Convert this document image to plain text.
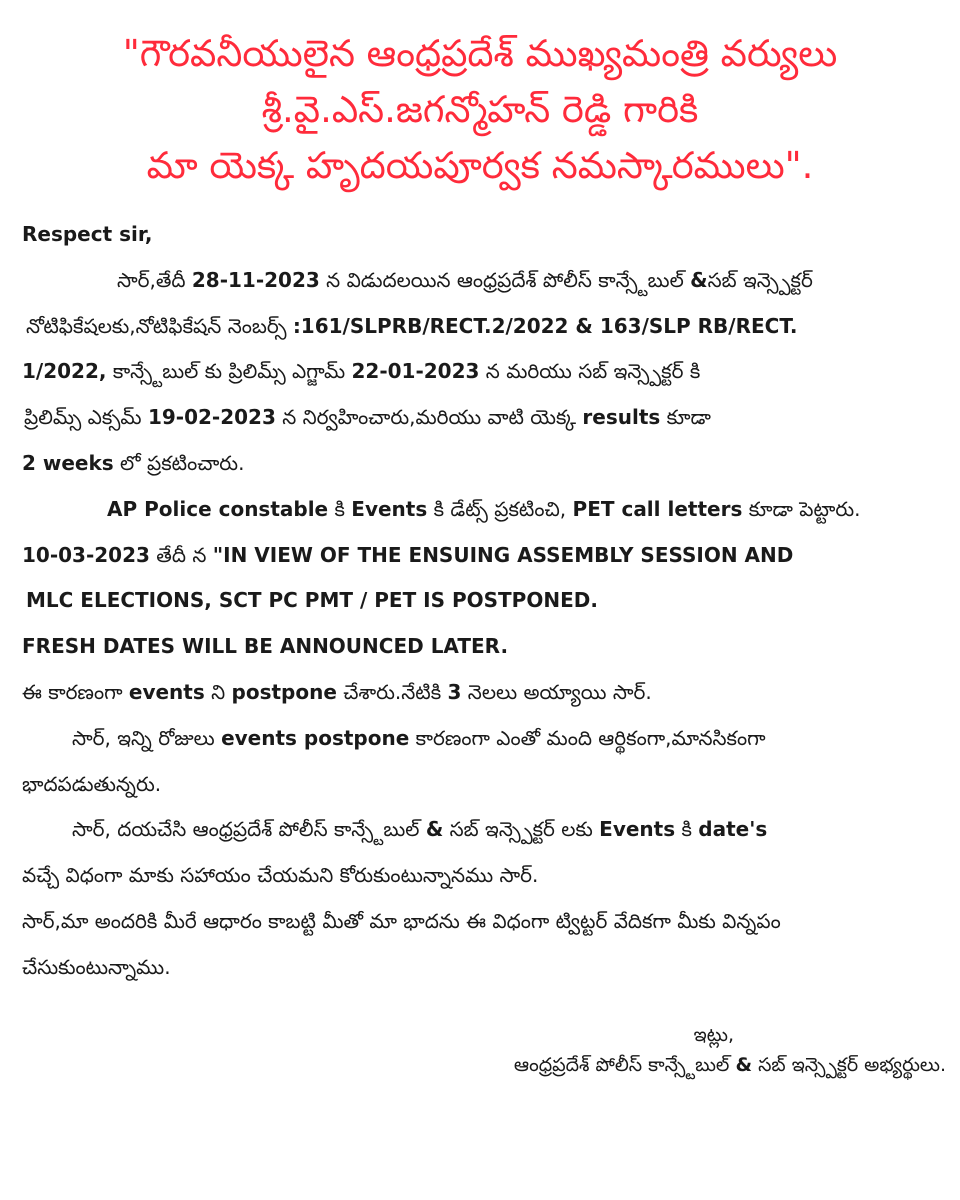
"గౌరవనీయులైన ఆంధ్రప్రదేశ్ ముఖ్యమంత్రి వర్యులు
శ్రీ.వై.ఎస్.జగన్మోహన్ రెడ్డి గారికి
మా యెక్క హృదయపూర్వక నమస్కారములు".
Respect sir,
సార్,తేదీ 28-11-2023 న విడుదలయిన ఆంధ్రప్రదేశ్ పోలీస్ కాన్స్టేబుల్ &సబ్ ఇన్స్పెక్టర్
నోటిఫికేషలకు,నోటిఫికేషన్ నెంబర్స్ :161/SLPRB/RECT.2/2022 & 163/SLP RB/RECT.
1/2022, కాన్స్టేబుల్ కు ప్రిలిమ్స్ ఎగ్జామ్ 22-01-2023 న మరియు సబ్ ఇన్స్పెక్టర్ కి
ప్రిలిమ్స్ ఎక్సమ్ 19-02-2023 న నిర్వహించారు,మరియు వాటి యెక్క results కూడా
2 weeks లో ప్రకటించారు.
AP Police constable కి Events కి డేట్స్ ప్రకటించి, PET call letters కూడా పెట్టారు.
10-03-2023 తేదీ న "IN VIEW OF THE ENSUING ASSEMBLY SESSION AND
MLC ELECTIONS, SCT PC PMT / PET IS POSTPONED.
FRESH DATES WILL BE ANNOUNCED LATER.
ఈ కారణంగా events ని postpone చేశారు.నేటికి 3 నెలలు అయ్యాయి సార్.
సార్, ఇన్ని రోజులు events postpone కారణంగా ఎంతో మంది ఆర్థికంగా,మానసికంగా
భాదపడుతున్నరు.
సార్, దయచేసి ఆంధ్రప్రదేశ్ పోలీస్ కాన్స్టేబుల్ & సబ్ ఇన్స్పెక్టర్ లకు Events కి date's
వచ్చే విధంగా మాకు సహాయం చేయమని కోరుకుంటున్నానము సార్.
సార్,మా అందరికి మీరే ఆధారం కాబట్టి మీతో మా భాదను ఈ విధంగా ట్విట్టర్ వేదికగా మీకు విన్నపం
చేసుకుంటున్నాము.
ఇట్లు,
ఆంధ్రప్రదేశ్ పోలీస్ కాన్స్టేబుల్ & సబ్ ఇన్స్పెక్టర్ అభ్యర్థులు.
